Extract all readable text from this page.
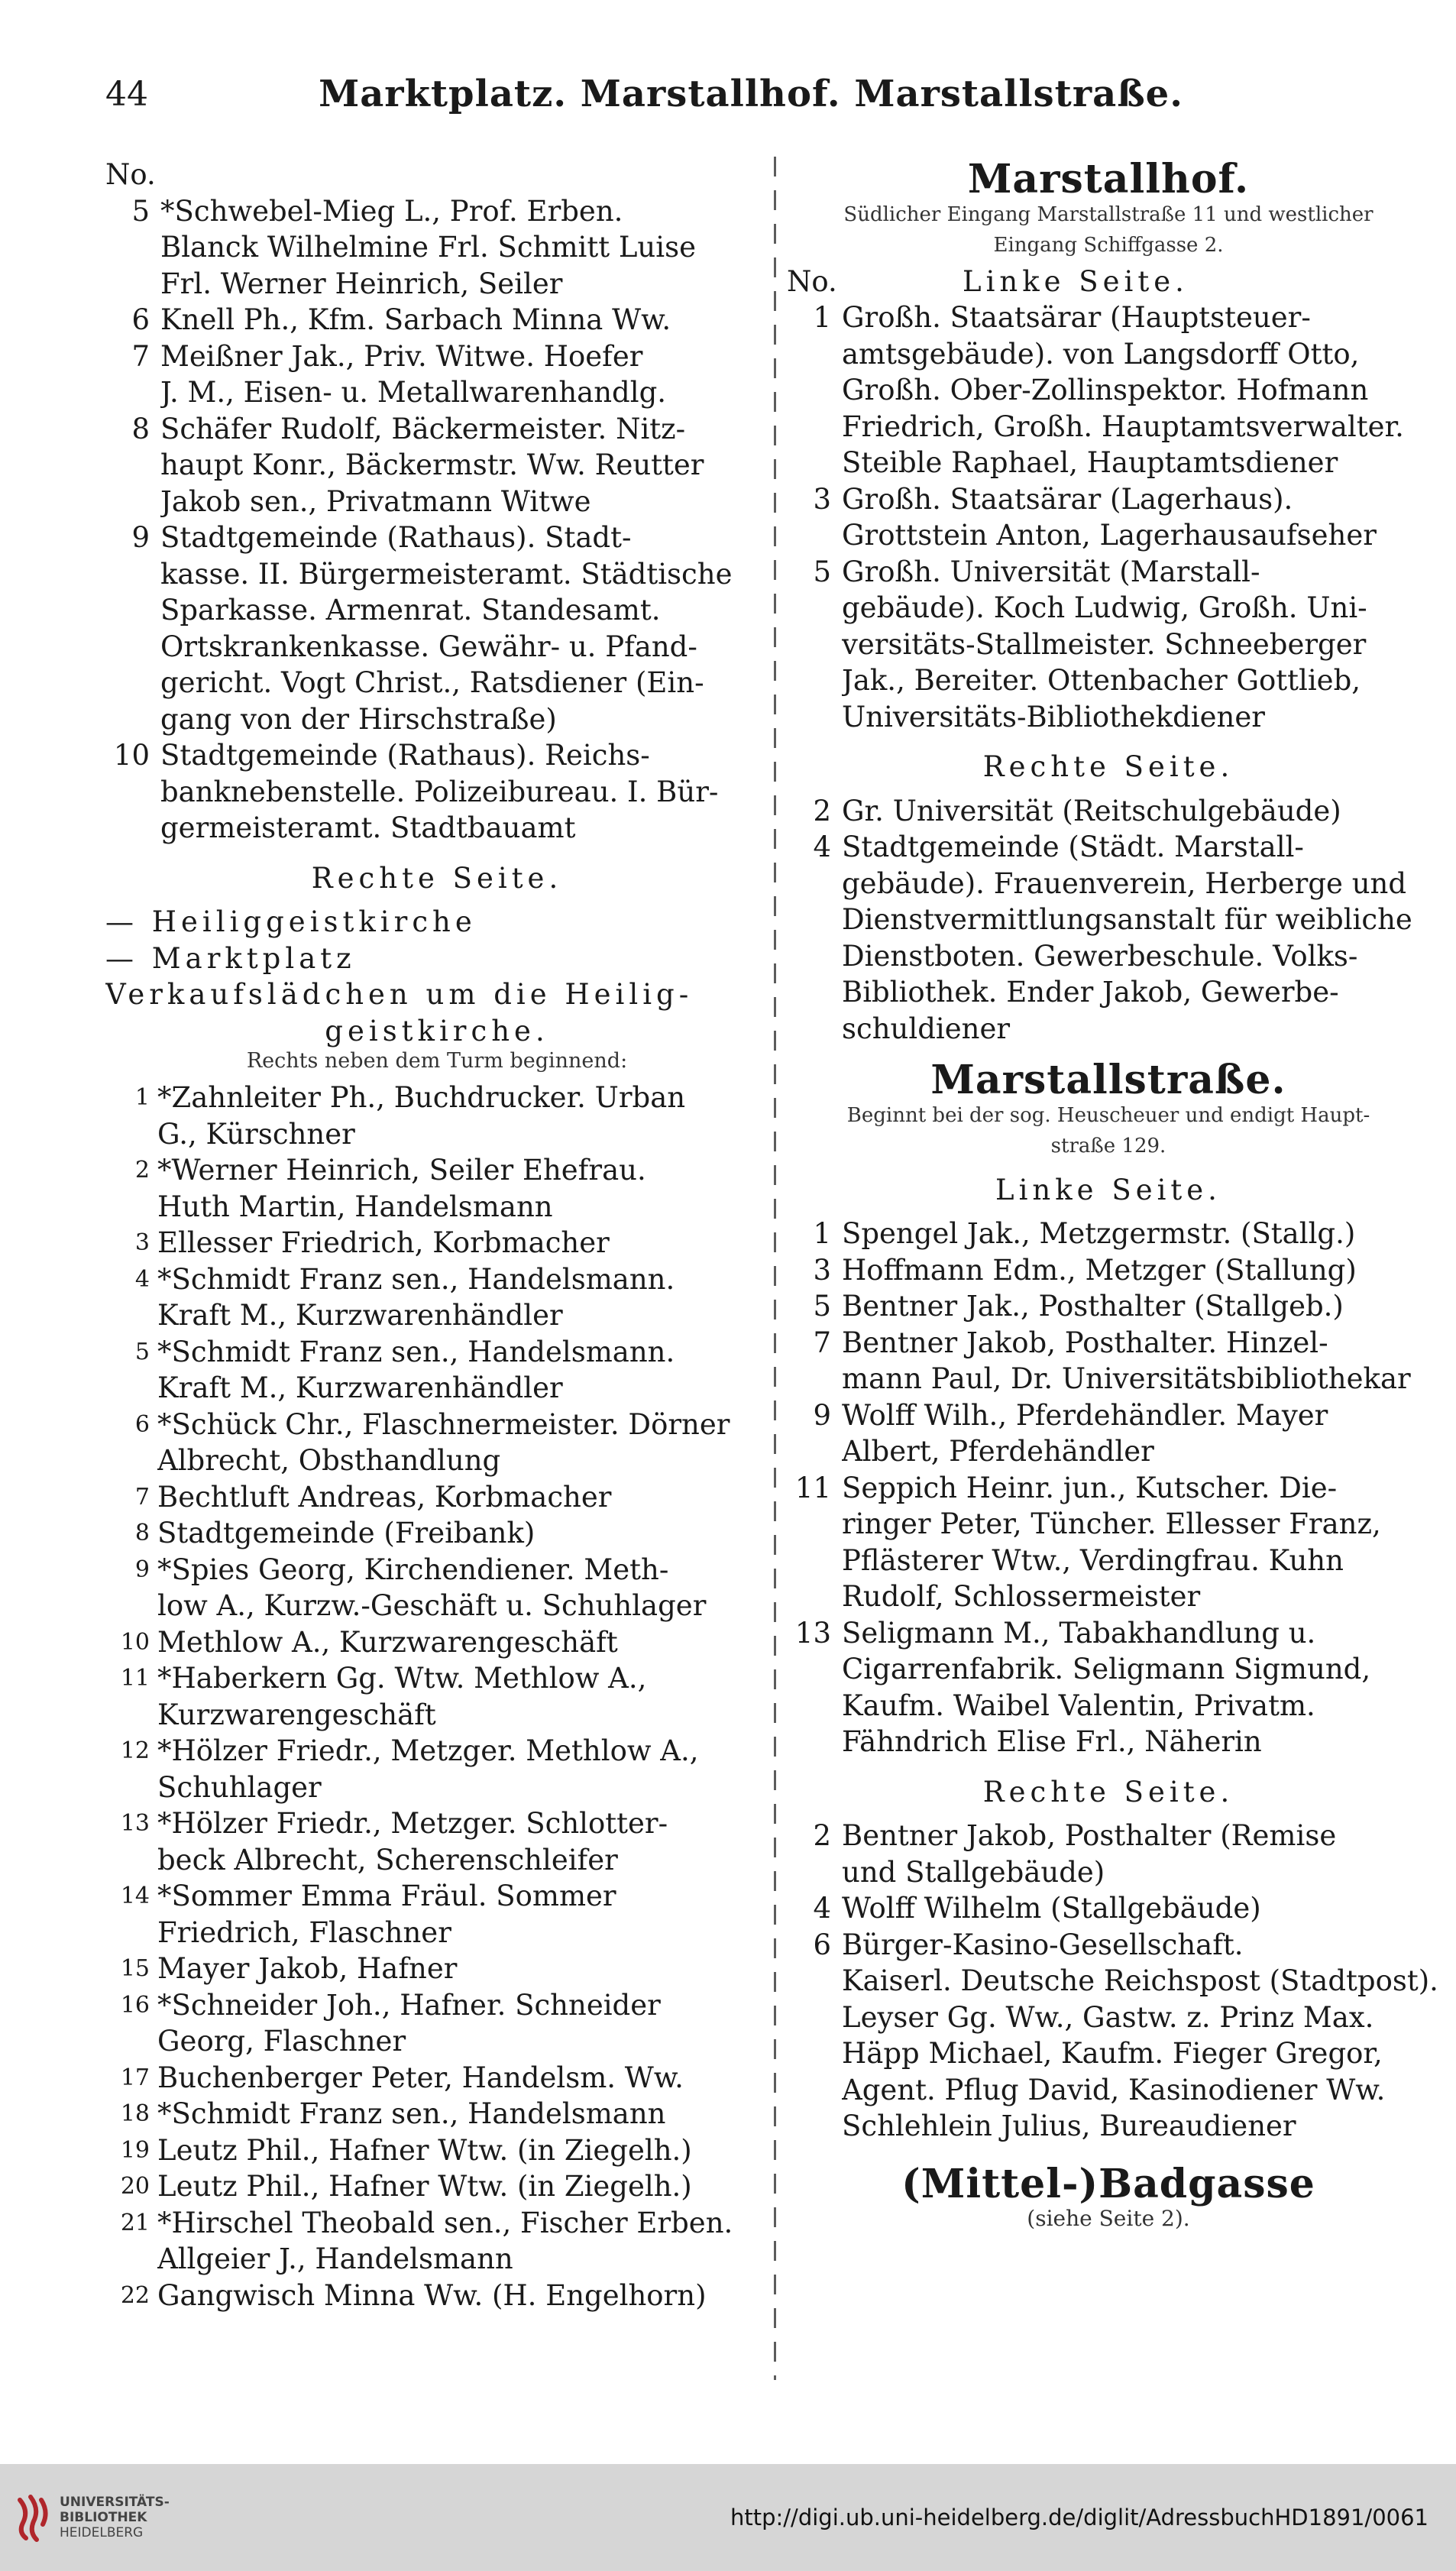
44	Marktplatz. Marstallhof. Marstallstraße.
No.
5 *Schwebel-Mieg L., Prof. Erben.
Blanck Wilhelmine Frl. Schmitt Luise
Frl. Werner Heinrich, Seiler
6 Knell Ph., Kfm. Sarbach Minna Ww.
7 Meißner Jak., Priv. Witwe. Hoefer
J. M., Eisen- u. Metallwarenhandlg.
8 Schäfer Rudolf, Bäckermeister. Nitz-
haupt Konr., Bäckermstr. Ww. Reutter
Jakob sen., Privatmann Witwe
9 Stadtgemeinde (Rathaus). Stadt-
kasse. II. Bürgermeisteramt. Städtische
Sparkasse. Armenrat. Standesamt.
Ortskrankenkasse. Gewähr- u. Pfand-
gericht. Vogt Christ., Ratsdiener (Ein-
gang von der Hirschstraße)
10 Stadtgemeinde (Rathaus). Reichs-
banknebenstelle. Polizeibureau. I. Bür-
germeisteramt. Stadtbauamt
Rechte Seite.
— Heiliggeistkirche
— Marktplatz
Verkaufslädchen um die Heilig-
geistkirche.
Rechts neben dem Turm beginnend:
1 *Zahnleiter Ph., Buchdrucker. Urban
G., Kürschner
2 *Werner Heinrich, Seiler Ehefrau.
Huth Martin, Handelsmann
3 Ellesser Friedrich, Korbmacher
4 *Schmidt Franz sen., Handelsmann.
Kraft M., Kurzwarenhändler
5 *Schmidt Franz sen., Handelsmann.
Kraft M., Kurzwarenhändler
6 *Schück Chr., Flaschnermeister. Dörner
Albrecht, Obsthandlung
7 Bechtluft Andreas, Korbmacher
8 Stadtgemeinde (Freibank)
9 *Spies Georg, Kirchendiener. Meth-
low A., Kurzw.-Geschäft u. Schuhlager
10 Methlow A., Kurzwarengeschäft
11 *Haberkern Gg. Wtw. Methlow A.,
Kurzwarengeschäft
12 *Hölzer Friedr., Metzger. Methlow A.,
Schuhlager
13 *Hölzer Friedr., Metzger. Schlotter-
beck Albrecht, Scherenschleifer
14 *Sommer Emma Fräul. Sommer
Friedrich, Flaschner
15 Mayer Jakob, Hafner
16 *Schneider Joh., Hafner. Schneider
Georg, Flaschner
17 Buchenberger Peter, Handelsm. Ww.
18 *Schmidt Franz sen., Handelsmann
19 Leutz Phil., Hafner Wtw. (in Ziegelh.)
20 Leutz Phil., Hafner Wtw. (in Ziegelh.)
21 *Hirschel Theobald sen., Fischer Erben.
Allgeier J., Handelsmann
22 Gangwisch Minna Ww. (H. Engelhorn)
Marstallhof.
Südlicher Eingang Marstallstraße 11 und westlicher
Eingang Schiffgasse 2.
No.	Linke Seite.
1 Großh. Staatsärar (Hauptsteuer-
amtsgebäude). von Langsdorff Otto,
Großh. Ober-Zollinspektor. Hofmann
Friedrich, Großh. Hauptamtsverwalter.
Steible Raphael, Hauptamtsdiener
3 Großh. Staatsärar (Lagerhaus).
Grottstein Anton, Lagerhausaufseher
5 Großh. Universität (Marstall-
gebäude). Koch Ludwig, Großh. Uni-
versitäts-Stallmeister. Schneeberger
Jak., Bereiter. Ottenbacher Gottlieb,
Universitäts-Bibliothekdiener
Rechte Seite.
2 Gr. Universität (Reitschulgebäude)
4 Stadtgemeinde (Städt. Marstall-
gebäude). Frauenverein, Herberge und
Dienstvermittlungsanstalt für weibliche
Dienstboten. Gewerbeschule. Volks-
Bibliothek. Ender Jakob, Gewerbe-
schuldiener
Marstallstraße.
Beginnt bei der sog. Heuscheuer und endigt Haupt-
straße 129.
Linke Seite.
1 Spengel Jak., Metzgermstr. (Stallg.)
3 Hoffmann Edm., Metzger (Stallung)
5 Bentner Jak., Posthalter (Stallgeb.)
7 Bentner Jakob, Posthalter. Hinzel-
mann Paul, Dr. Universitätsbibliothekar
9 Wolff Wilh., Pferdehändler. Mayer
Albert, Pferdehändler
11 Seppich Heinr. jun., Kutscher. Die-
ringer Peter, Tüncher. Ellesser Franz,
Pflästerer Wtw., Verdingfrau. Kuhn
Rudolf, Schlossermeister
13 Seligmann M., Tabakhandlung u.
Cigarrenfabrik. Seligmann Sigmund,
Kaufm. Waibel Valentin, Privatm.
Fähndrich Elise Frl., Näherin
Rechte Seite.
2 Bentner Jakob, Posthalter (Remise
und Stallgebäude)
4 Wolff Wilhelm (Stallgebäude)
6 Bürger-Kasino-Gesellschaft.
Kaiserl. Deutsche Reichspost (Stadtpost).
Leyser Gg. Ww., Gastw. z. Prinz Max.
Häpp Michael, Kaufm. Fieger Gregor,
Agent. Pflug David, Kasinodiener Ww.
Schlehlein Julius, Bureaudiener
(Mittel-)Badgasse
(siehe Seite 2).
UNIVERSITÄTS-
BIBLIOTHEK
HEIDELBERG
http://digi.ub.uni-heidelberg.de/diglit/AdressbuchHD1891/0061
